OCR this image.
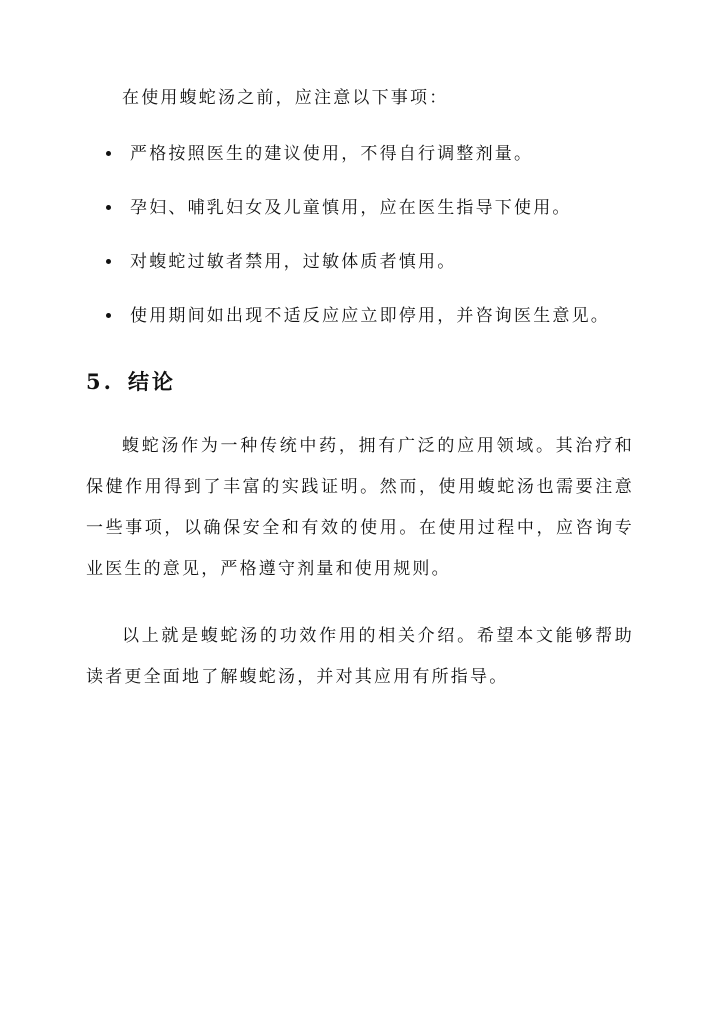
在使用蝮蛇汤之前，应注意以下事项：

严格按照医生的建议使用，不得自行调整剂量。
孕妇、哺乳妇女及儿童慎用，应在医生指导下使用。
对蝮蛇过敏者禁用，过敏体质者慎用。
使用期间如出现不适反应应立即停用，并咨询医生意见。
5. 结论

蝮蛇汤作为一种传统中药，拥有广泛的应用领域。其治疗和保健作用得到了丰富的实践证明。然而，使用蝮蛇汤也需要注意一些事项，以确保安全和有效的使用。在使用过程中，应咨询专业医生的意见，严格遵守剂量和使用规则。

以上就是蝮蛇汤的功效作用的相关介绍。希望本文能够帮助读者更全面地了解蝮蛇汤，并对其应用有所指导。
